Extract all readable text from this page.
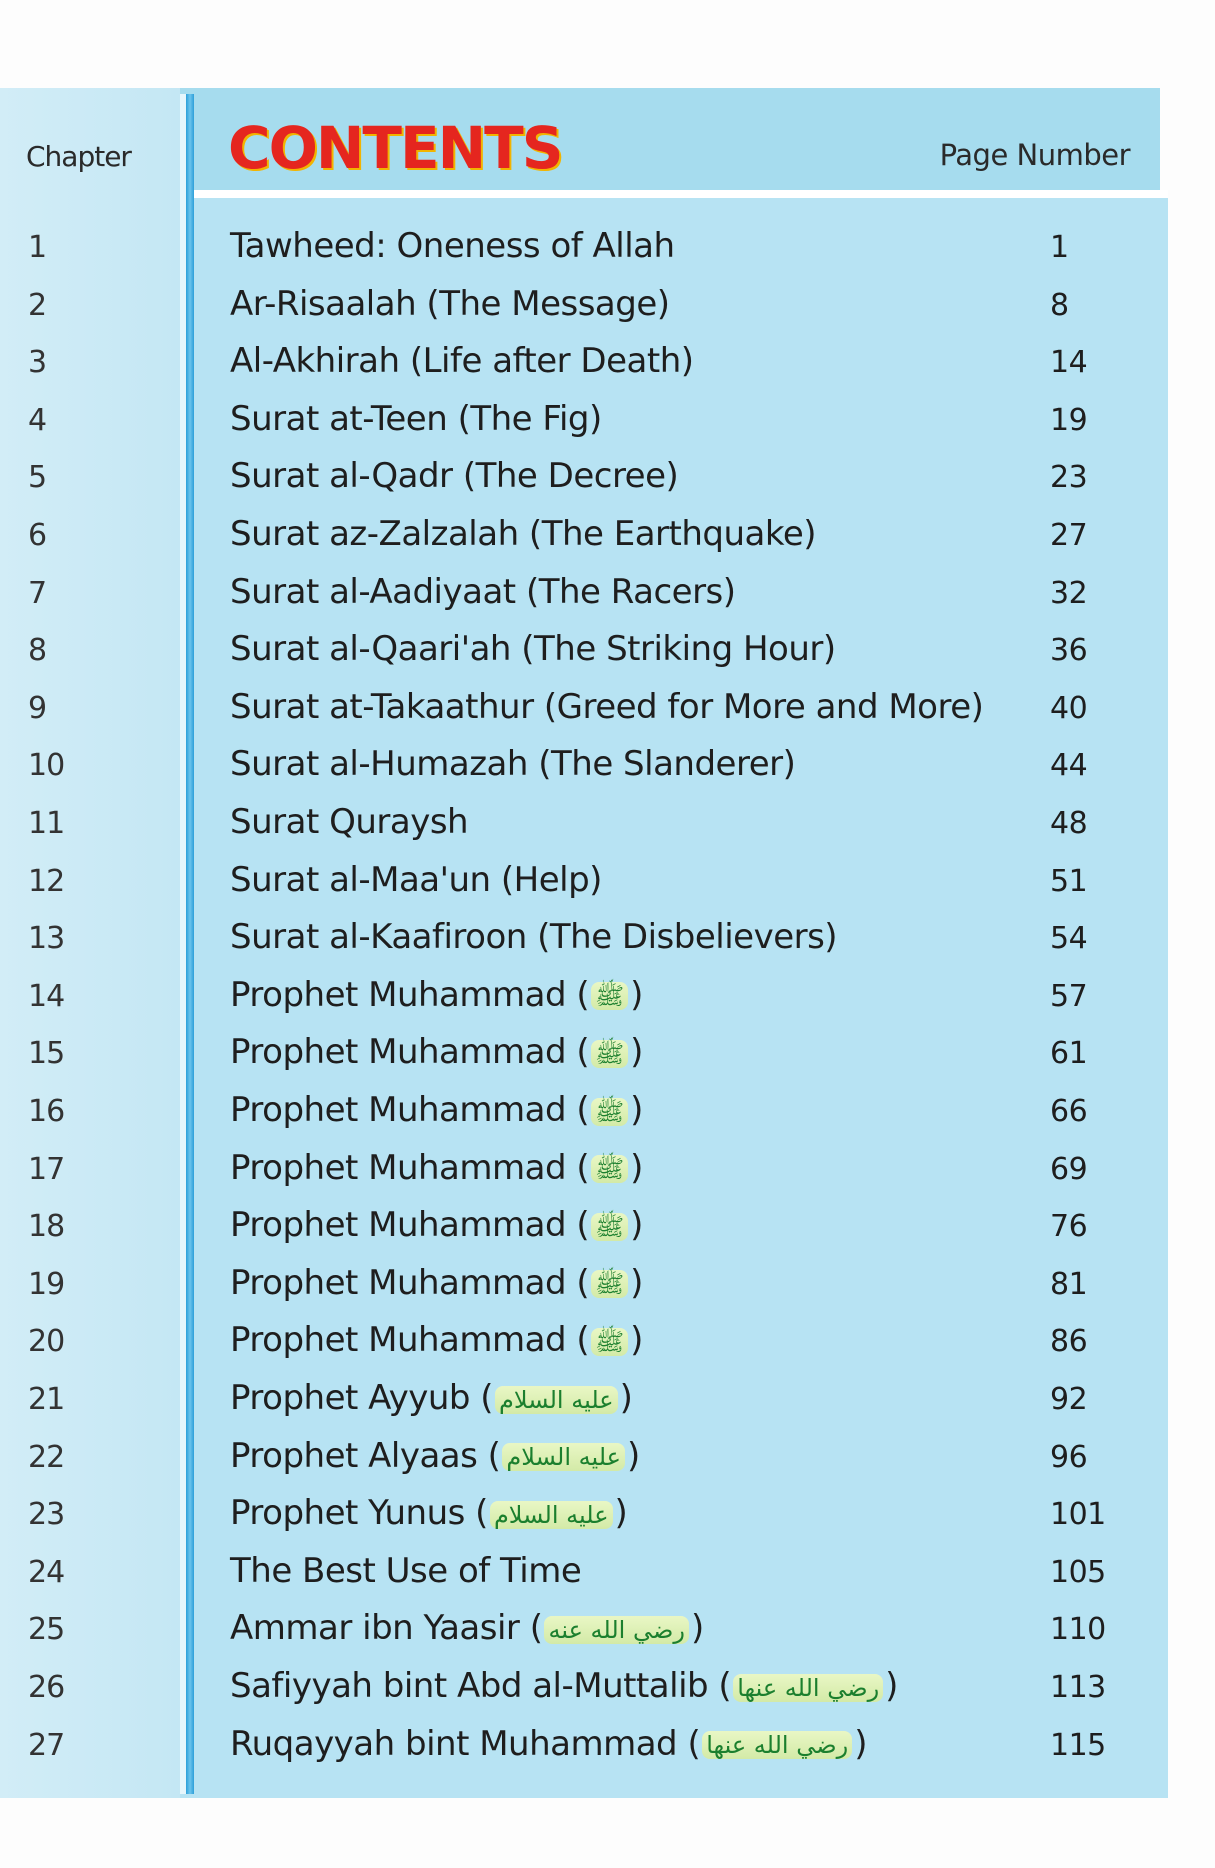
Chapter CONTENTS	Page Number
1	Tawheed: Oneness of Allah	1
2	Ar-Risaalah (The Message)	8
3	Al-Akhirah (Life after Death)	14
4	Surat at-Teen (The Fig)	19
5	Surat al-Qadr (The Decree)	23
6	Surat az-Zalzalah (The Earthquake)	27
7	Surat al-Aadiyaat (The Racers)	32
8	Surat al-Qaari'ah (The Striking Hour)	36
9	Surat at-Takaathur (Greed for More and More) 40
10	Surat al-Humazah (The Slanderer)	44
11	Surat Quraysh	48
12	Surat al-Maa'un (Help)	51
13	Surat al-Kaafiroon (The Disbelievers)	54
14	Prophet Muhammad ( ﷺ )	57
15	Prophet Muhammad ( ﷺ )	61
16	Prophet Muhammad ( ﷺ )	66
17	Prophet Muhammad ( ﷺ )	69
18	Prophet Muhammad ( ﷺ )	76
19	Prophet Muhammad ( ﷺ )	81
20	Prophet Muhammad ( ﷺ )	86
21	Prophet Ayyub ( عليه السلام )	92
22	Prophet Alyaas ( عليه السلام )	96
23	Prophet Yunus ( عليه السلام )	101
24	The Best Use of Time	105
25	Ammar ibn Yaasir ( رضي الله عنه )	110
26	Safiyyah bint Abd al-Muttalib ( رضي الله عنها )	113
27	Ruqayyah bint Muhammad ( رضي الله عنها )	115
